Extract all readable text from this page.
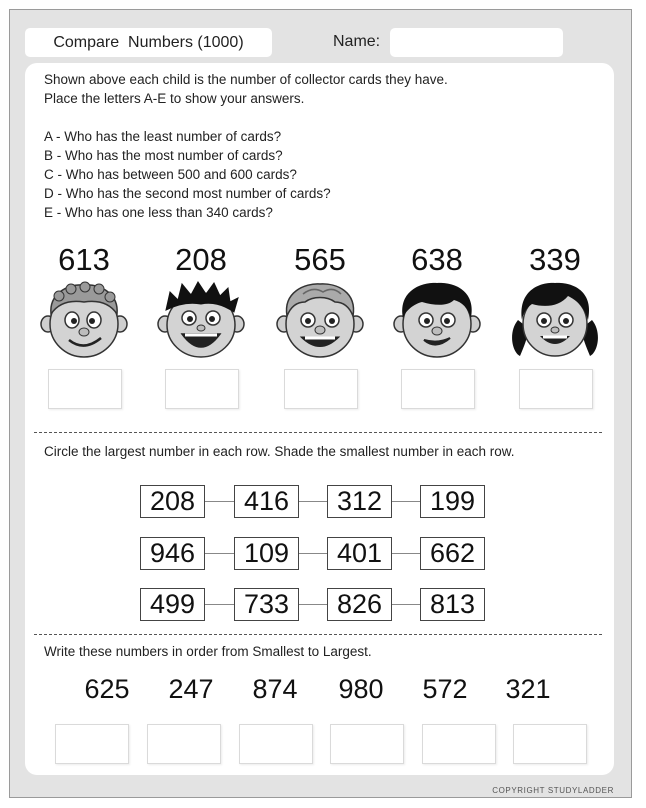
Compare  Numbers (1000)	Name:
Shown above each child is the number of collector cards they have.
Place the letters A-E to show your answers.
A - Who has the least number of cards?
B - Who has the most number of cards?
C - Who has between 500 and 600 cards?
D - Who has the second most number of cards?
E - Who has one less than 340 cards?
613	208	565	638	339
Circle the largest number in each row. Shade the smallest number in each row.
208	416	312	199
946	109	401	662
499	733	826	813
Write these numbers in order from Smallest to Largest.
625	247	874	980	572	321
COPYRIGHT STUDYLADDER
